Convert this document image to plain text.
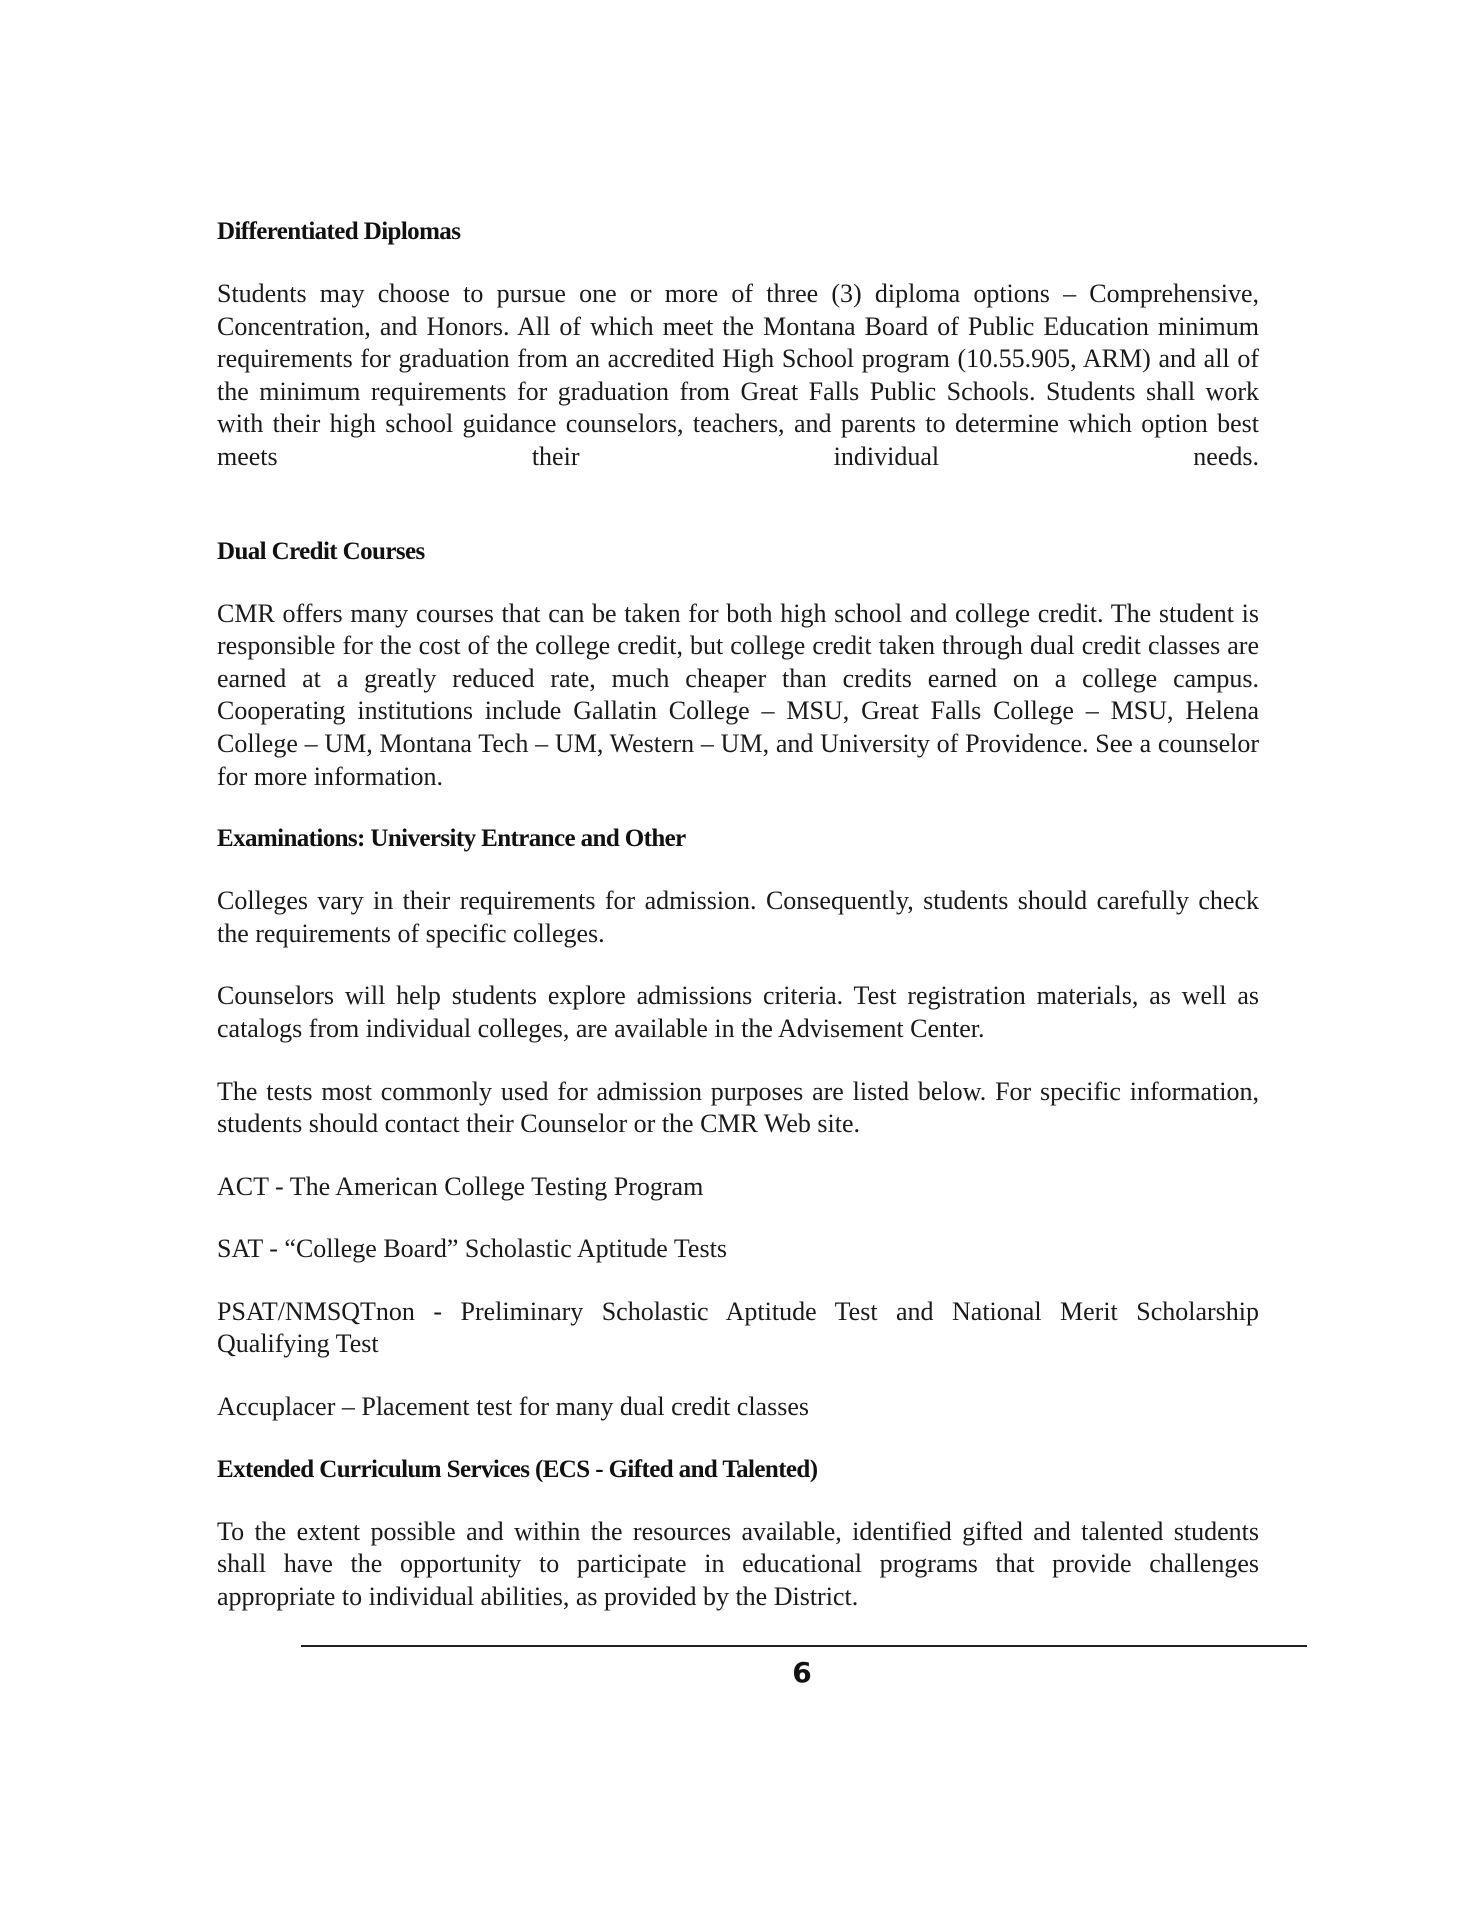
Differentiated Diplomas

Students may choose to pursue one or more of three (3) diploma options – Comprehensive, Concentration, and Honors. All of which meet the Montana Board of Public Education minimum requirements for graduation from an accredited High School program (10.55.905, ARM) and all of the minimum requirements for graduation from Great Falls Public Schools. Students shall work with their high school guidance counselors, teachers, and parents to determine which option best meets their individual needs.

Dual Credit Courses

CMR offers many courses that can be taken for both high school and college credit. The student is responsible for the cost of the college credit, but college credit taken through dual credit classes are earned at a greatly reduced rate, much cheaper than credits earned on a college campus. Cooperating institutions include Gallatin College – MSU, Great Falls College – MSU, Helena College – UM, Montana Tech – UM, Western – UM, and University of Providence. See a counselor for more information.

Examinations: University Entrance and Other

Colleges vary in their requirements for admission. Consequently, students should carefully check the requirements of specific colleges.

Counselors will help students explore admissions criteria. Test registration materials, as well as catalogs from individual colleges, are available in the Advisement Center.

The tests most commonly used for admission purposes are listed below. For specific information, students should contact their Counselor or the CMR Web site.

ACT - The American College Testing Program

SAT - “College Board” Scholastic Aptitude Tests

PSAT/NMSQTnon - Preliminary Scholastic Aptitude Test and National Merit Scholarship Qualifying Test

Accuplacer – Placement test for many dual credit classes

Extended Curriculum Services (ECS - Gifted and Talented)

To the extent possible and within the resources available, identified gifted and talented students shall have the opportunity to participate in educational programs that provide challenges appropriate to individual abilities, as provided by the District.

6
